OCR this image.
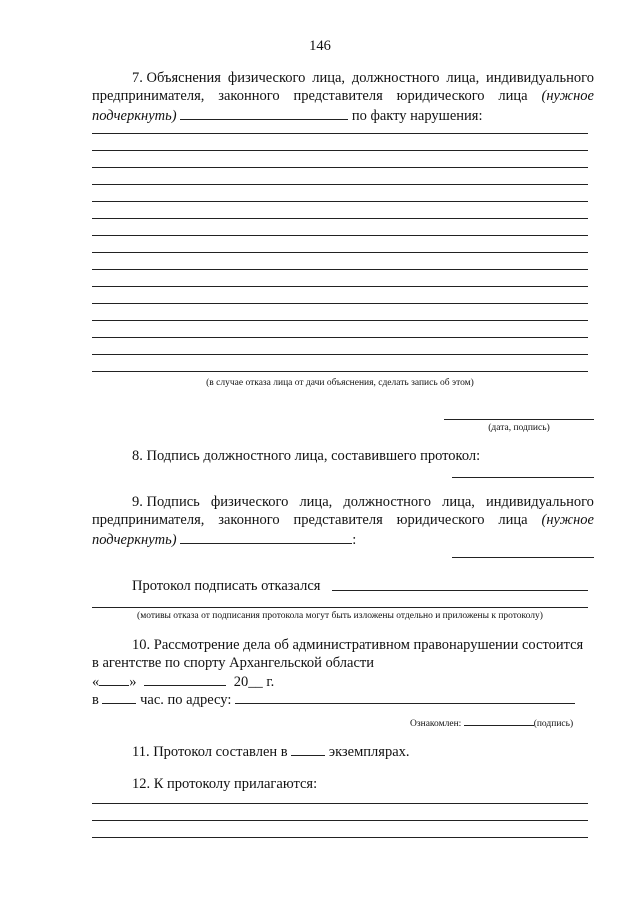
146
7. Объяснения физического лица, должностного лица, индивидуального
предпринимателя, законного представителя юридического лица (нужное
подчеркнуть)	по факту нарушения:
(в случае отказа лица от дачи объяснения, сделать запись об этом)
(дата, подпись)
8. Подпись должностного лица, составившего протокол:
9. Подпись физического лица, должностного лица, индивидуального
предпринимателя, законного представителя юридического лица (нужное
подчеркнуть)	:
Протокол подписать отказался
(мотивы отказа от подписания протокола могут быть изложены отдельно и приложены к протоколу)
10. Рассмотрение дела об административном правонарушении состоится
в агентстве по спорту Архангельской области
« »	20__ г.
в	час. по адресу:
Ознакомлен:	(подпись)
11. Протокол составлен в	экземплярах.
12. К протоколу прилагаются:
